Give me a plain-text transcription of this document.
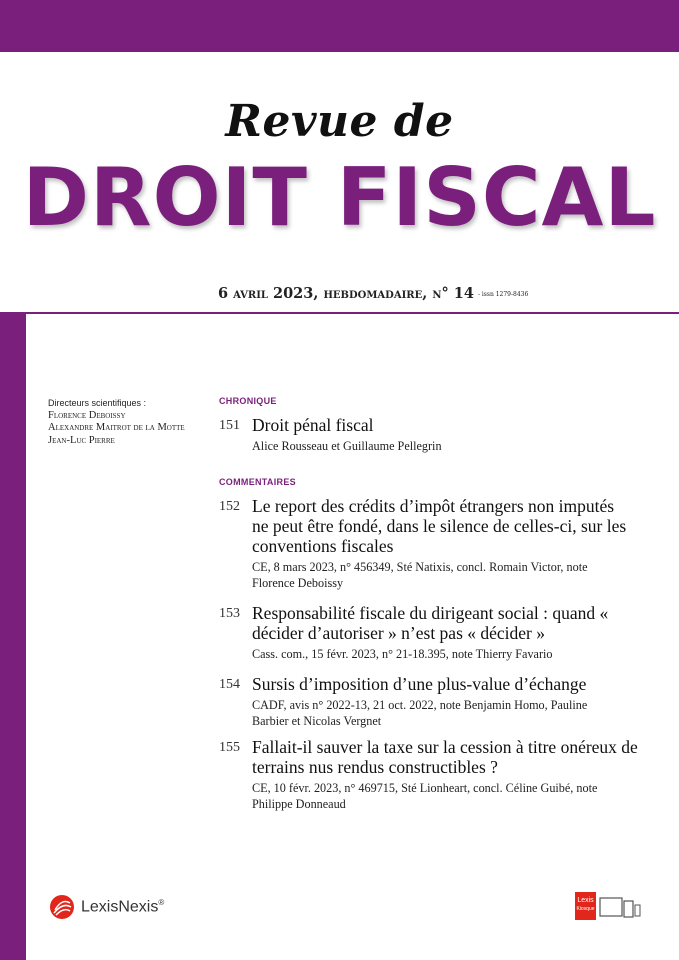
Revue de
DROIT FISCAL
6 avril 2023, hebdomadaire, n° 14 - issn 1279-8436
Directeurs scientifiques :
Florence Deboissy
Alexandre Maitrot de la Motte
Jean-Luc Pierre
CHRONIQUE
151 Droit pénal fiscal
Alice Rousseau et Guillaume Pellegrin
COMMENTAIRES
152 Le report des crédits d’impôt étrangers non imputés ne peut être fondé, dans le silence de celles-ci, sur les conventions fiscales
CE, 8 mars 2023, n° 456349, Sté Natixis, concl. Romain Victor, note Florence Deboissy
153 Responsabilité fiscale du dirigeant social : quand « décider d’autoriser » n’est pas « décider »
Cass. com., 15 févr. 2023, n° 21-18.395, note Thierry Favario
154 Sursis d’imposition d’une plus-value d’échange
CADF, avis n° 2022-13, 21 oct. 2022, note Benjamin Homo, Pauline Barbier et Nicolas Vergnet
155 Fallait-il sauver la taxe sur la cession à titre onéreux de terrains nus rendus constructibles ?
CE, 10 févr. 2023, n° 469715, Sté Lionheart, concl. Céline Guibé, note Philippe Donneaud
LexisNexis®	Lexis
Kiosque
